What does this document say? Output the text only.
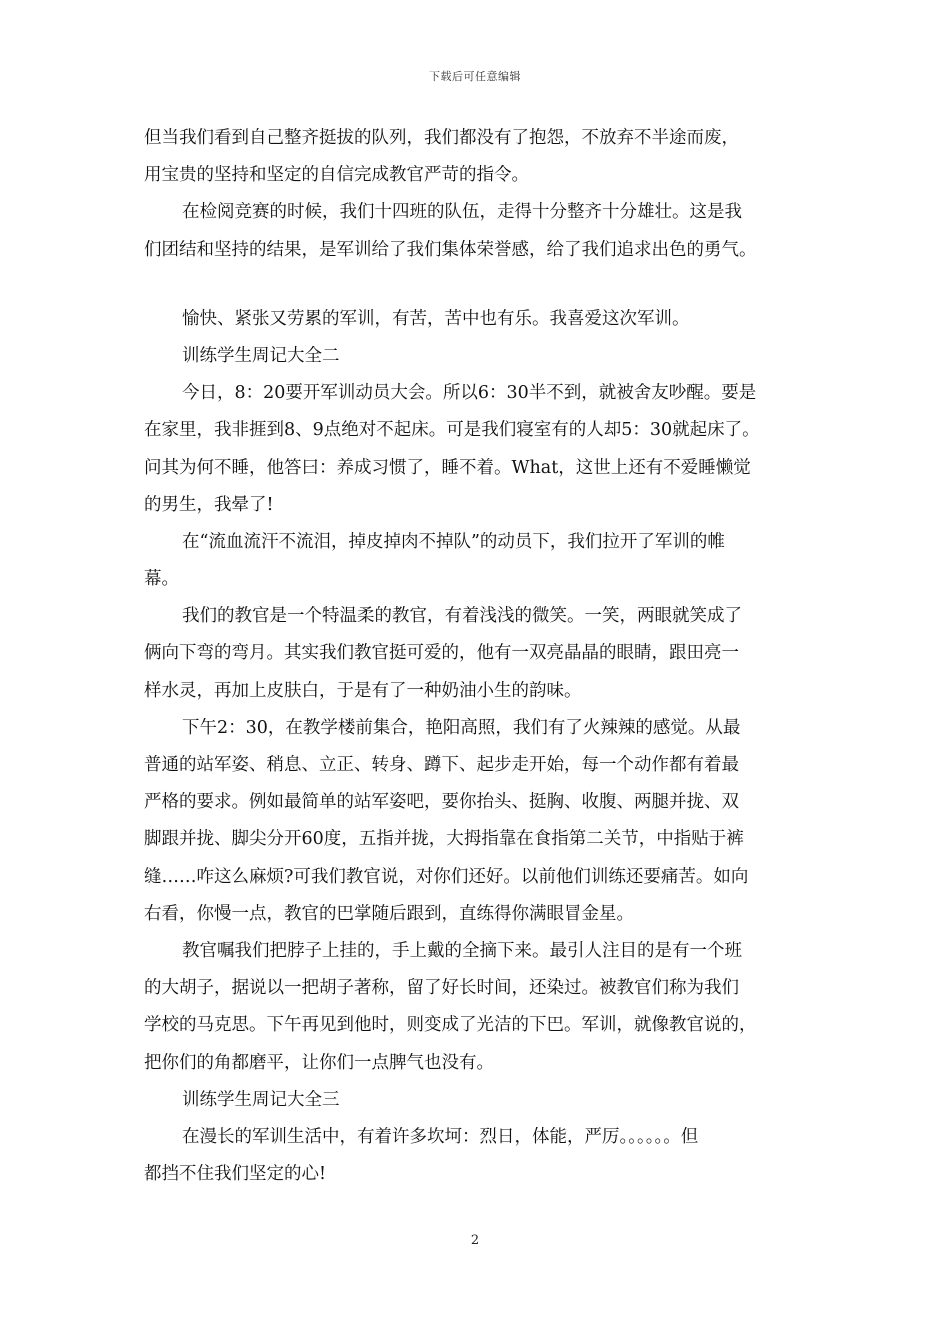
下载后可任意编辑
但当我们看到自己整齐挺拔的队列，我们都没有了抱怨，不放弃不半途而废，
用宝贵的坚持和坚定的自信完成教官严苛的指令。
在检阅竞赛的时候，我们十四班的队伍，走得十分整齐十分雄壮。这是我
们团结和坚持的结果，是军训给了我们集体荣誉感，给了我们追求出色的勇气。
愉快、紧张又劳累的军训，有苦，苦中也有乐。我喜爱这次军训。
训练学生周记大全二
今日，8：20要开军训动员大会。所以6：30半不到，就被舍友吵醒。要是
在家里，我非捱到8、9点绝对不起床。可是我们寝室有的人却5：30就起床了。
问其为何不睡，他答曰：养成习惯了，睡不着。What，这世上还有不爱睡懒觉
的男生，我晕了!
在“流血流汗不流泪，掉皮掉肉不掉队”的动员下，我们拉开了军训的帷
幕。
我们的教官是一个特温柔的教官，有着浅浅的微笑。一笑，两眼就笑成了
俩向下弯的弯月。其实我们教官挺可爱的，他有一双亮晶晶的眼睛，跟田亮一
样水灵，再加上皮肤白，于是有了一种奶油小生的韵味。
下午2：30，在教学楼前集合，艳阳高照，我们有了火辣辣的感觉。从最
普通的站军姿、稍息、立正、转身、蹲下、起步走开始，每一个动作都有着最
严格的要求。例如最简单的站军姿吧，要你抬头、挺胸、收腹、两腿并拢、双
脚跟并拢、脚尖分开60度，五指并拢，大拇指靠在食指第二关节，中指贴于裤
缝……咋这么麻烦?可我们教官说，对你们还好。以前他们训练还要痛苦。如向
右看，你慢一点，教官的巴掌随后跟到，直练得你满眼冒金星。
教官嘱我们把脖子上挂的，手上戴的全摘下来。最引人注目的是有一个班
的大胡子，据说以一把胡子著称，留了好长时间，还染过。被教官们称为我们
学校的马克思。下午再见到他时，则变成了光洁的下巴。军训，就像教官说的，
把你们的角都磨平，让你们一点脾气也没有。
训练学生周记大全三
在漫长的军训生活中，有着许多坎坷：烈日，体能，严厉。。。。。。但
都挡不住我们坚定的心!
2
